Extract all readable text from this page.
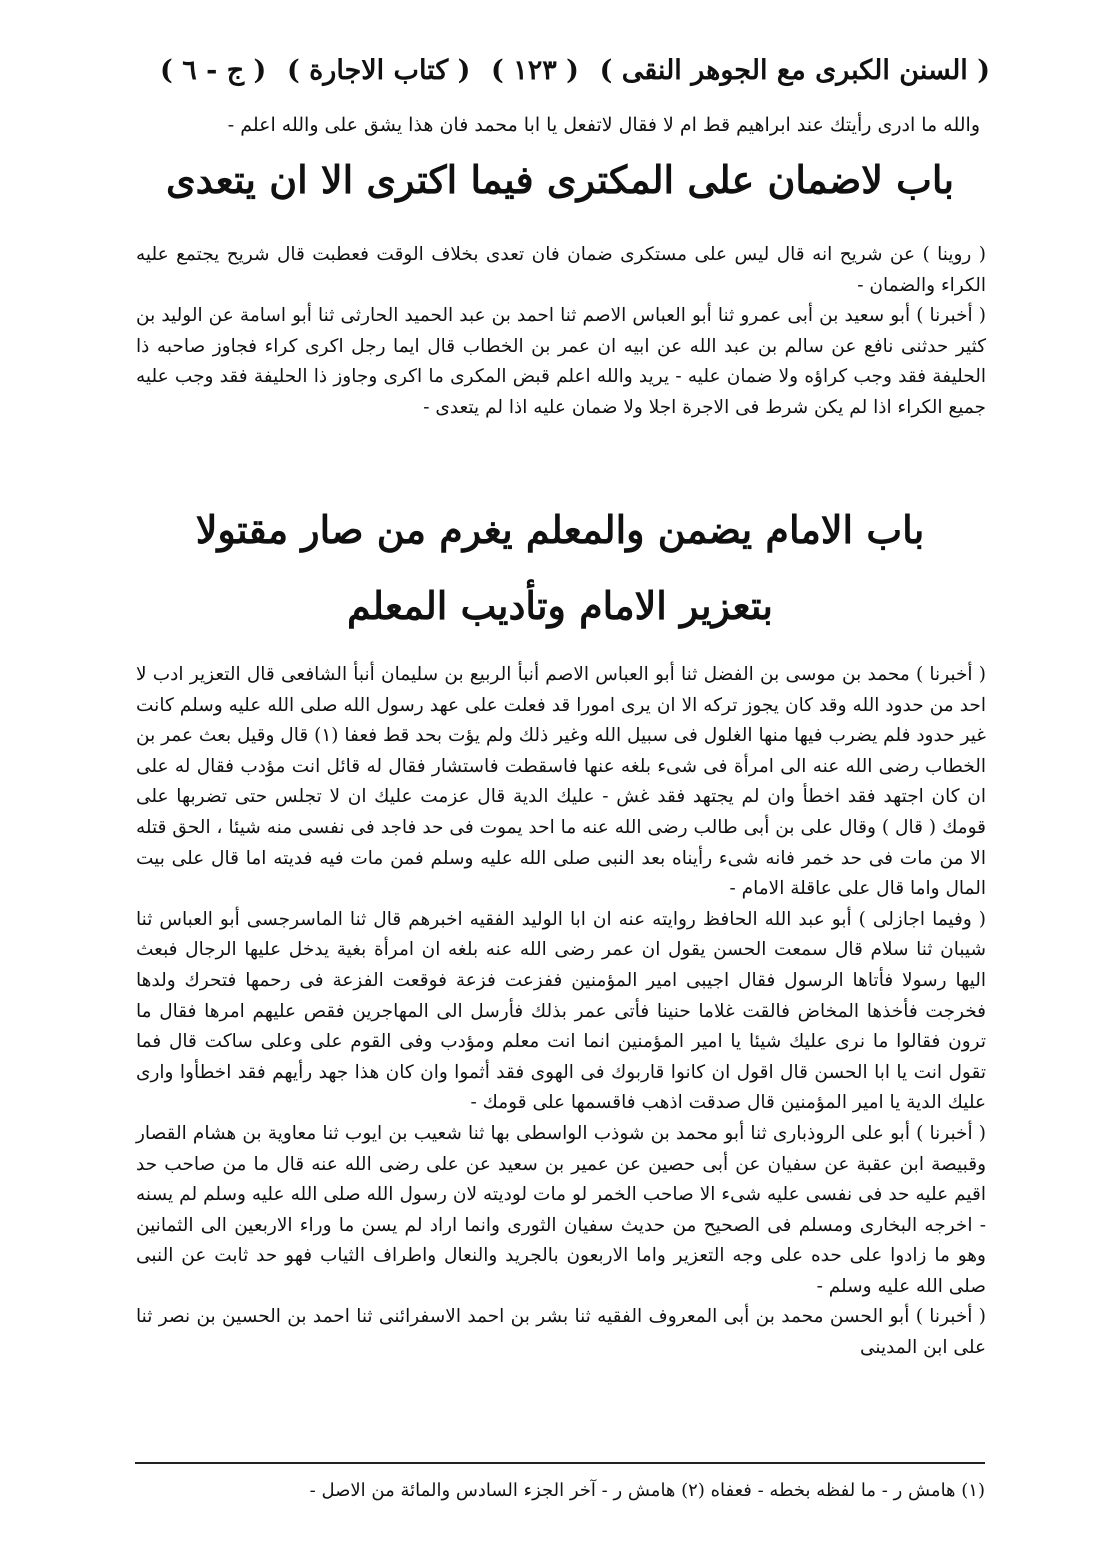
( السنن الكبرى مع الجوهر النقى )
( ١٢٣ )
( كتاب الاجارة )
( ج - ٦ )
والله ما ادرى رأيتك عند ابراهيم قط ام لا فقال لاتفعل يا ابا محمد فان هذا يشق على والله اعلم -
باب لاضمان على المكترى فيما اكترى الا ان يتعدى

( روينا ) عن شريح انه قال ليس على مستكرى ضمان فان تعدى بخلاف الوقت فعطبت قال شريح يجتمع عليه الكراء والضمان -

( أخبرنا ) أبو سعيد بن أبى عمرو ثنا أبو العباس الاصم ثنا احمد بن عبد الحميد الحارثى ثنا أبو اسامة عن الوليد بن كثير حدثنى نافع عن سالم بن عبد الله عن ابيه ان عمر بن الخطاب قال ايما رجل اكرى كراء فجاوز صاحبه ذا الحليفة فقد وجب كراؤه ولا ضمان عليه - يريد والله اعلم قبض المكرى ما اكرى وجاوز ذا الحليفة فقد وجب عليه جميع الكراء اذا لم يكن شرط فى الاجرة اجلا ولا ضمان عليه اذا لم يتعدى -

باب الامام يضمن والمعلم يغرم من صار مقتولا
بتعزير الامام وتأديب المعلم

( أخبرنا ) محمد بن موسى بن الفضل ثنا أبو العباس الاصم أنبأ الربيع بن سليمان أنبأ الشافعى قال التعزير ادب لا احد من حدود الله وقد كان يجوز تركه الا ان يرى امورا قد فعلت على عهد رسول الله صلى الله عليه وسلم كانت غير حدود فلم يضرب فيها منها الغلول فى سبيل الله وغير ذلك ولم يؤت بحد قط فعفا (١) قال وقيل بعث عمر بن الخطاب رضى الله عنه الى امرأة فى شىء بلغه عنها فاسقطت فاستشار فقال له قائل انت مؤدب فقال له على ان كان اجتهد فقد اخطأ وان لم يجتهد فقد غش - عليك الدية قال عزمت عليك ان لا تجلس حتى تضربها على قومك ( قال ) وقال على بن أبى طالب رضى الله عنه ما احد يموت فى حد فاجد فى نفسى منه شيئا ، الحق قتله الا من مات فى حد خمر فانه شىء رأيناه بعد النبى صلى الله عليه وسلم فمن مات فيه فديته اما قال على بيت المال واما قال على عاقلة الامام -

( وفيما اجازلى ) أبو عبد الله الحافظ روايته عنه ان ابا الوليد الفقيه اخبرهم قال ثنا الماسرجسى أبو العباس ثنا شيبان ثنا سلام قال سمعت الحسن يقول ان عمر رضى الله عنه بلغه ان امرأة بغية يدخل عليها الرجال فبعث اليها رسولا فأتاها الرسول فقال اجيبى امير المؤمنين ففزعت فزعة فوقعت الفزعة فى رحمها فتحرك ولدها فخرجت فأخذها المخاض فالقت غلاما حنينا فأتى عمر بذلك فأرسل الى المهاجرين فقص عليهم امرها فقال ما ترون فقالوا ما نرى عليك شيئا يا امير المؤمنين انما انت معلم ومؤدب وفى القوم على وعلى ساكت قال فما تقول انت يا ابا الحسن قال اقول ان كانوا قاربوك فى الهوى فقد أثموا وان كان هذا جهد رأيهم فقد اخطأوا وارى عليك الدية يا امير المؤمنين قال صدقت اذهب فاقسمها على قومك -

( أخبرنا ) أبو على الروذبارى ثنا أبو محمد بن شوذب الواسطى بها ثنا شعيب بن ايوب ثنا معاوية بن هشام القصار وقبيصة ابن عقبة عن سفيان عن أبى حصين عن عمير بن سعيد عن على رضى الله عنه قال ما من صاحب حد اقيم عليه حد فى نفسى عليه شىء الا صاحب الخمر لو مات لوديته لان رسول الله صلى الله عليه وسلم لم يسنه - اخرجه البخارى ومسلم فى الصحيح من حديث سفيان الثورى وانما اراد لم يسن ما وراء الاربعين الى الثمانين وهو ما زادوا على حده على وجه التعزير واما الاربعون بالجريد والنعال واطراف الثياب فهو حد ثابت عن النبى صلى الله عليه وسلم -

( أخبرنا ) أبو الحسن محمد بن أبى المعروف الفقيه ثنا بشر بن احمد الاسفرائنى ثنا احمد بن الحسين بن نصر ثنا على ابن المدينى

(١) هامش ر - ما لفظه بخطه - فعفاه (٢) هامش ر - آخر الجزء السادس والمائة من الاصل -
